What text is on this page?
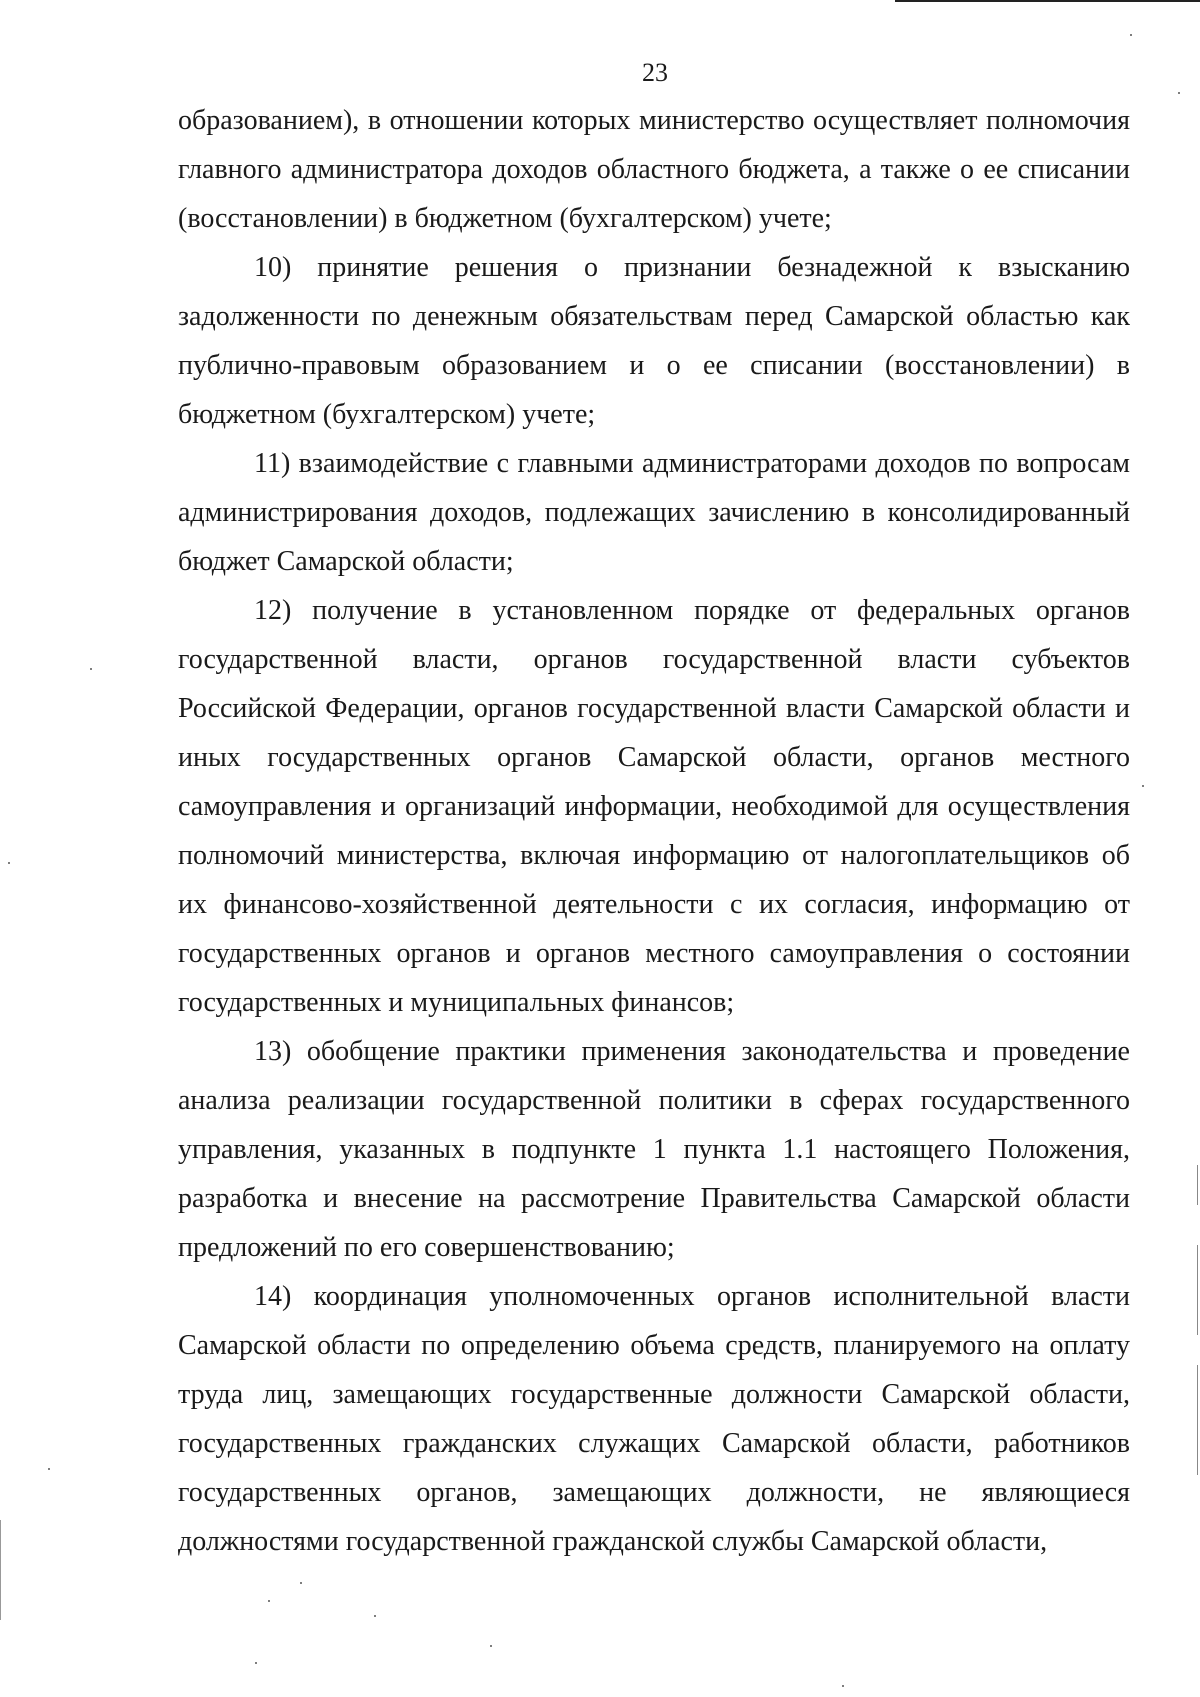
23

образованием), в отношении которых министерство осуществляет полномочия главного администратора доходов областного бюджета, а также о ее списании (восстановлении) в бюджетном (бухгалтерском) учете;

10) принятие решения о признании безнадежной к взысканию задолженности по денежным обязательствам перед Самарской областью как публично-правовым образованием и о ее списании (восстановлении) в бюджетном (бухгалтерском) учете;

11) взаимодействие с главными администраторами доходов по вопросам администрирования доходов, подлежащих зачислению в консолидированный бюджет Самарской области;

12) получение в установленном порядке от федеральных органов государственной власти, органов государственной власти субъектов Российской Федерации, органов государственной власти Самарской области и иных государственных органов Самарской области, органов местного самоуправления и организаций информации, необходимой для осуществления полномочий министерства, включая информацию от налогоплательщиков об их финансово-хозяйственной деятельности с их согласия, информацию от государственных органов и органов местного самоуправления о состоянии государственных и муниципальных финансов;

13) обобщение практики применения законодательства и проведение анализа реализации государственной политики в сферах государственного управления, указанных в подпункте 1 пункта 1.1 настоящего Положения, разработка и внесение на рассмотрение Правительства Самарской области предложений по его совершенствованию;

14) координация уполномоченных органов исполнительной власти Самарской области по определению объема средств, планируемого на оплату труда лиц, замещающих государственные должности Самарской области, государственных гражданских служащих Самарской области, работников государственных органов, замещающих должности, не являющиеся должностями государственной гражданской службы Самарской области,
